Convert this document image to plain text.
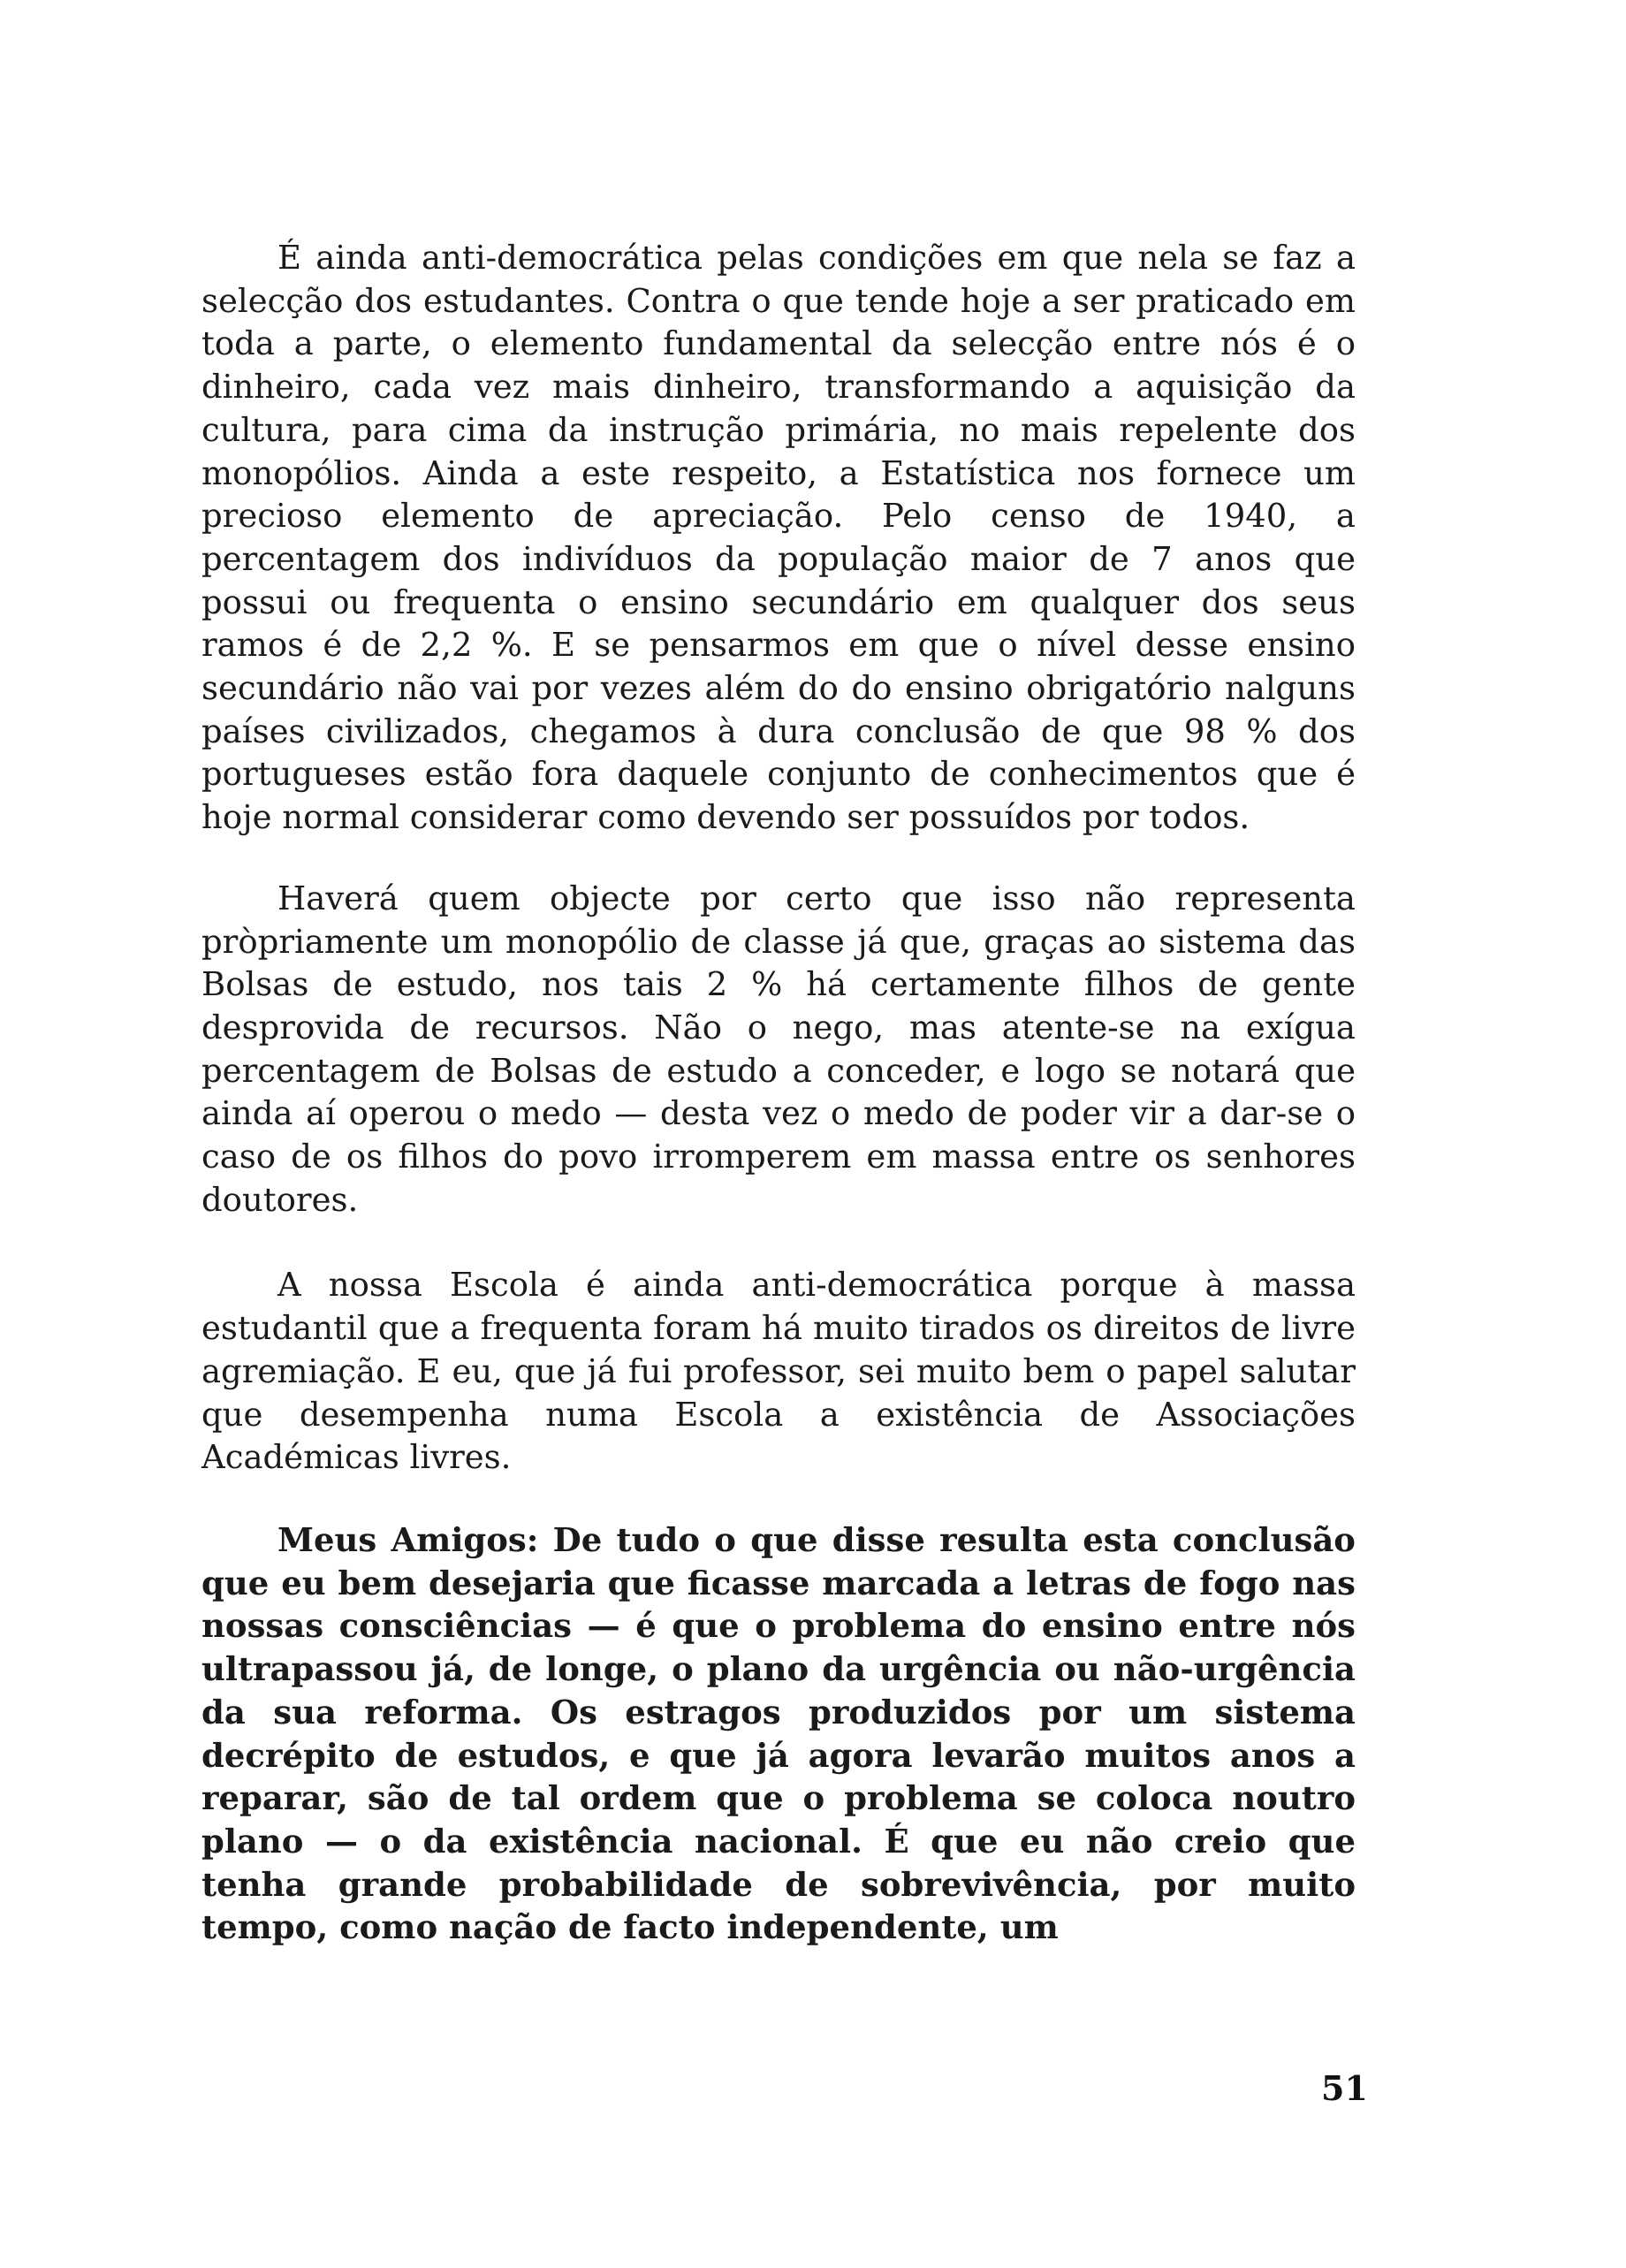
É ainda anti-democrática pelas condições em que nela se faz a selecção dos estudantes. Contra o que tende hoje a ser praticado em toda a parte, o elemento fundamental da selecção entre nós é o dinheiro, cada vez mais dinheiro, transformando a aquisição da cultura, para cima da instrução primária, no mais repelente dos monopólios. Ainda a este respeito, a Estatística nos fornece um precioso elemento de apreciação. Pelo censo de 1940, a percentagem dos indivíduos da população maior de 7 anos que possui ou frequenta o ensino secundário em qualquer dos seus ramos é de 2,2 %. E se pensarmos em que o nível desse ensino secundário não vai por vezes além do do ensino obrigatório nalguns países civilizados, chegamos à dura conclusão de que 98 % dos portugueses estão fora daquele conjunto de conhecimentos que é hoje normal considerar como devendo ser possuídos por todos.

Haverá quem objecte por certo que isso não representa pròpriamente um monopólio de classe já que, graças ao sistema das Bolsas de estudo, nos tais 2 % há certamente filhos de gente desprovida de recursos. Não o nego, mas atente-se na exígua percentagem de Bolsas de estudo a conceder, e logo se notará que ainda aí operou o medo — desta vez o medo de poder vir a dar-se o caso de os filhos do povo irromperem em massa entre os senhores doutores.

A nossa Escola é ainda anti-democrática porque à massa estudantil que a frequenta foram há muito tirados os direitos de livre agremiação. E eu, que já fui professor, sei muito bem o papel salutar que desempenha numa Escola a existência de Associações Académicas livres.

Meus Amigos: De tudo o que disse resulta esta conclusão que eu bem desejaria que ficasse marcada a letras de fogo nas nossas consciências — é que o problema do ensino entre nós ultrapassou já, de longe, o plano da urgência ou não-urgência da sua reforma. Os estragos produzidos por um sistema decrépito de estudos, e que já agora levarão muitos anos a reparar, são de tal ordem que o problema se coloca noutro plano — o da existência nacional. É que eu não creio que tenha grande probabilidade de sobrevivência, por muito tempo, como nação de facto independente, um

51
